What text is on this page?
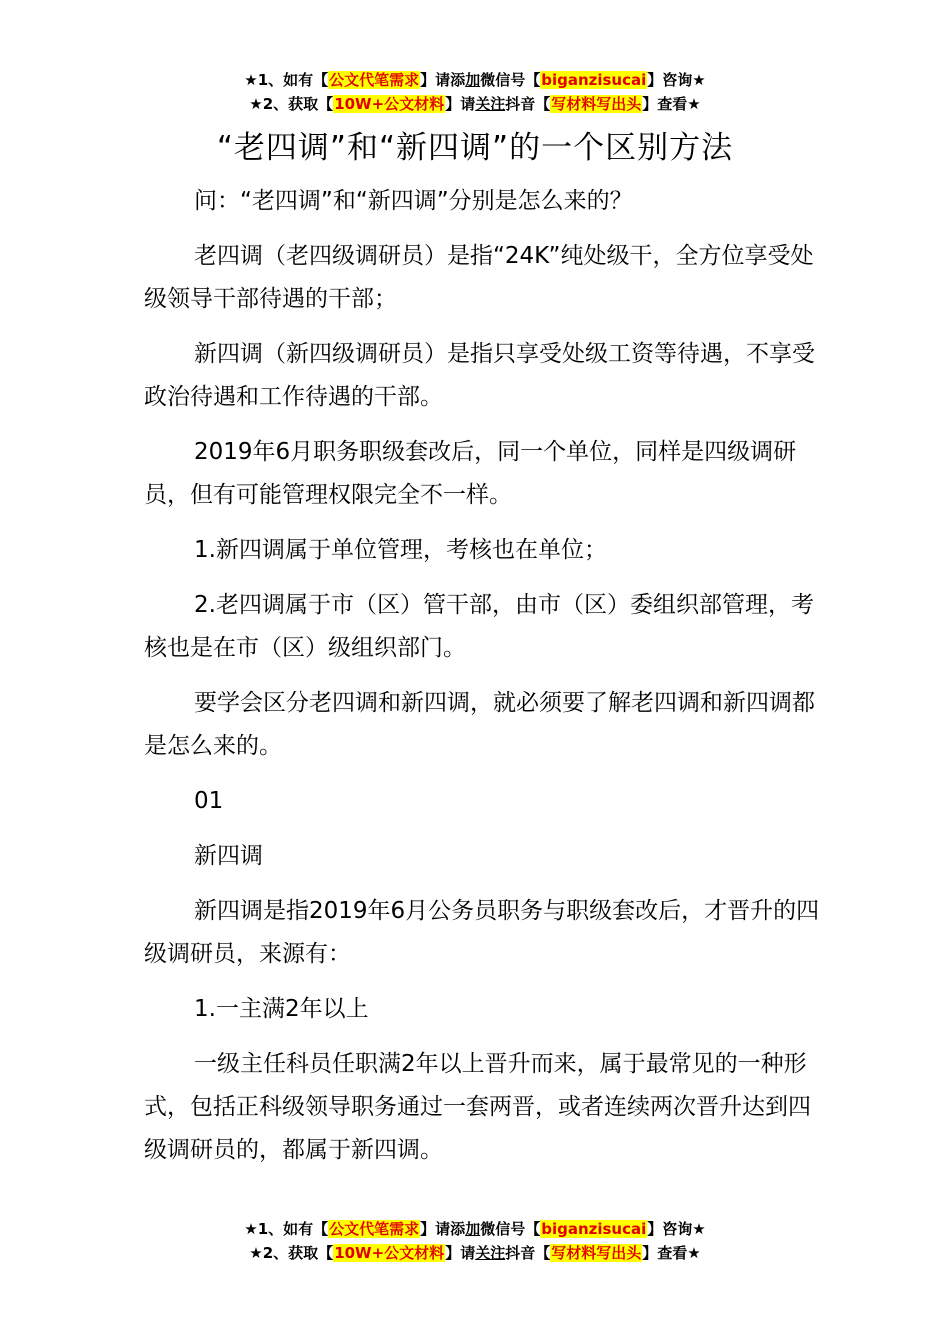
★1、如有【公文代笔需求】请添加微信号【biganzisucai】咨询★
★2、获取【10W+公文材料】请关注抖音【写材料写出头】查看★
“老四调”和“新四调”的一个区别方法

问：“老四调”和“新四调”分别是怎么来的？

老四调（老四级调研员）是指“24K”纯处级干，全方位享受处级领导干部待遇的干部；

新四调（新四级调研员）是指只享受处级工资等待遇，不享受政治待遇和工作待遇的干部。

2019年6月职务职级套改后，同一个单位，同样是四级调研员，但有可能管理权限完全不一样。

1.新四调属于单位管理，考核也在单位；

2.老四调属于市（区）管干部，由市（区）委组织部管理，考核也是在市（区）级组织部门。

要学会区分老四调和新四调，就必须要了解老四调和新四调都是怎么来的。

01

新四调

新四调是指2019年6月公务员职务与职级套改后，才晋升的四级调研员，来源有：

1.一主满2年以上

一级主任科员任职满2年以上晋升而来，属于最常见的一种形式，包括正科级领导职务通过一套两晋，或者连续两次晋升达到四级调研员的，都属于新四调。

★1、如有【公文代笔需求】请添加微信号【biganzisucai】咨询★
★2、获取【10W+公文材料】请关注抖音【写材料写出头】查看★
